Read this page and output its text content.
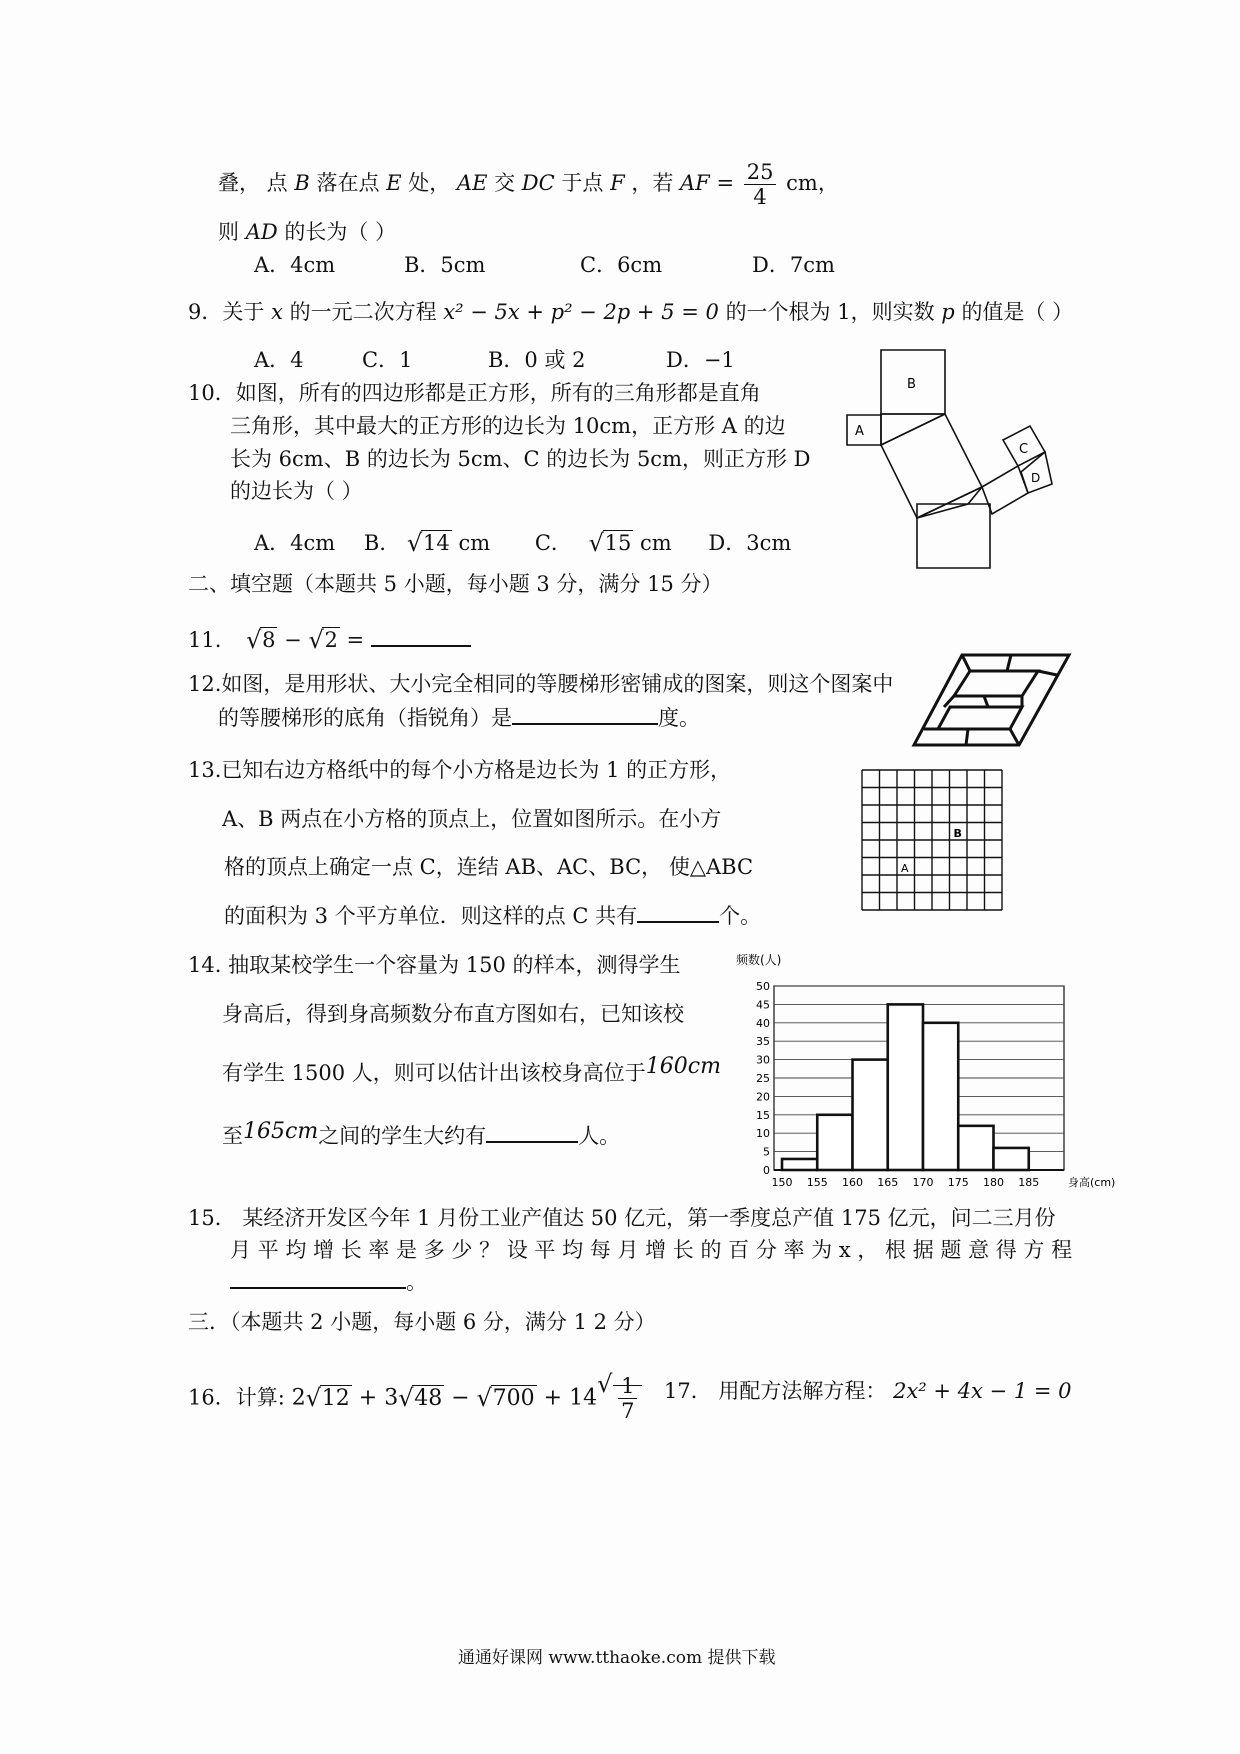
叠， 点 B 落在点 E 处， AE 交 DC 于点 F ，若 AF = $\frac{25}{4}$ cm，
则 AD 的长为（ ）
A．4cm	B．5cm	C．6cm	D．7cm
9．关于 x 的一元二次方程 x² − 5x + p² − 2p + 5 = 0 的一个根为 1，则实数 p 的值是（ ）
A．4	C．1	B．0 或 2	D．−1
10．如图，所有的四边形都是正方形，所有的三角形都是直角
三角形，其中最大的正方形的边长为 10cm，正方形 A 的边
长为 6cm、B 的边长为 5cm、C 的边长为 5cm，则正方形 D
的边长为（ ）
A．4cm B． √ 14 cm C． √ 15 cm D．3cm
A
B
C
D
二、填空题（本题共 5 小题，每小题 3 分，满分 15 分）
11. √ 8 − √ 2 =
12.如图，是用形状、大小完全相同的等腰梯形密铺成的图案，则这个图案中
的等腰梯形的底角（指锐角）是	度。
13.已知右边方格纸中的每个小方格是边长为 1 的正方形，
A、B 两点在小方格的顶点上，位置如图所示。在小方
格的顶点上确定一点 C，连结 AB、AC、BC， 使△ABC
的面积为 3 个平方单位．则这样的点 C 共有	个。
A
B
14. 抽取某校学生一个容量为 150 的样本，测得学生
身高后，得到身高频数分布直方图如右，已知该校
有学生 1500 人，则可以估计出该校身高位于160cm
至165cm之间的学生大约有	人。
0
5
10
15
20
25
30
35
40
45
50
频数(人)
150 155 160 165 170 175 180 185	身高(cm)
15． 某经济开发区今年 1 月份工业产值达 50 亿元，第一季度总产值 175 亿元，问二三月份
月 平 均 增 长 率 是 多 少 ？ 设 平 均 每 月 增 长 的 百 分 率 为 x ， 根 据 题 意 得 方 程
。
三．（本题共 2 小题，每小题 6 分，满分 1 2 分）
16．计算: 2 √ 12 + 3 √ 48 − √ 700 + 14 √ $\frac{1}{7} 17$． 用配方法解方程： 2x² + 4x − 1 = 0
通通好课网 www.tthaoke.com 提供下载
